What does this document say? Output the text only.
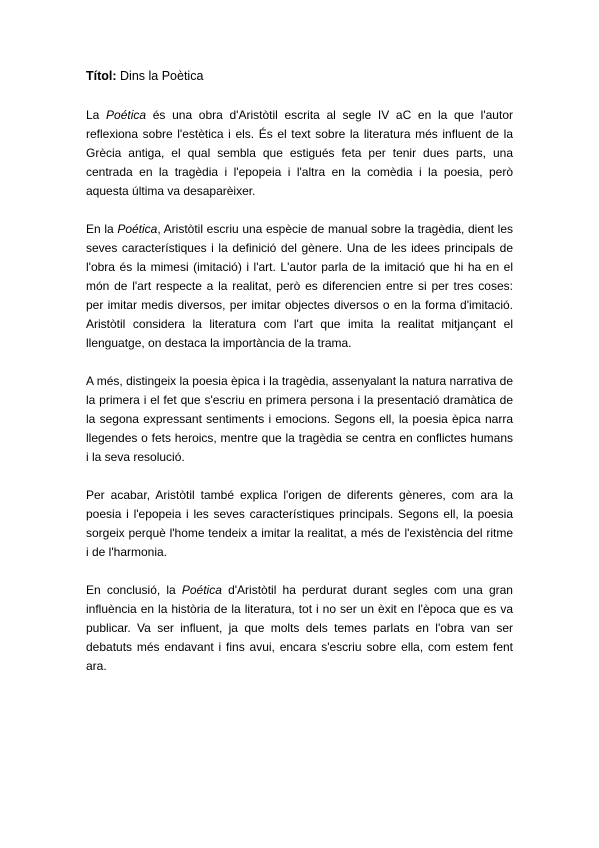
Títol: Dins la Poètica

La Poética és una obra d'Aristòtil escrita al segle IV aC en la que l'autor reflexiona sobre l'estètica i els. És el text sobre la literatura més influent de la Grècia antiga, el qual sembla que estigués feta per tenir dues parts, una centrada en la tragèdia i l'epopeia i l'altra en la comèdia i la poesia, però aquesta última va desaparèixer.

En la Poética, Aristòtil escriu una espècie de manual sobre la tragèdia, dient les seves característiques i la definició del gènere. Una de les idees principals de l'obra és la mimesi (imitació) i l'art. L'autor parla de la imitació que hi ha en el món de l'art respecte a la realitat, però es diferencien entre si per tres coses: per imitar medis diversos, per imitar objectes diversos o en la forma d'imitació. Aristòtil considera la literatura com l'art que imita la realitat mitjançant el llenguatge, on destaca la importància de la trama.

A més, distingeix la poesia èpica i la tragèdia, assenyalant la natura narrativa de la primera i el fet que s'escriu en primera persona i la presentació dramàtica de la segona expressant sentiments i emocions. Segons ell, la poesia èpica narra llegendes o fets heroics, mentre que la tragèdia se centra en conflictes humans i la seva resolució.

Per acabar, Aristòtil també explica l'origen de diferents gèneres, com ara la poesia i l'epopeia i les seves característiques principals. Segons ell, la poesia sorgeix perquè l'home tendeix a imitar la realitat, a més de l'existència del ritme i de l'harmonia.

En conclusió, la Poética d'Aristòtil ha perdurat durant segles com una gran influència en la història de la literatura, tot i no ser un èxit en l'època que es va publicar. Va ser influent, ja que molts dels temes parlats en l'obra van ser debatuts més endavant i fins avui, encara s'escriu sobre ella, com estem fent ara.
